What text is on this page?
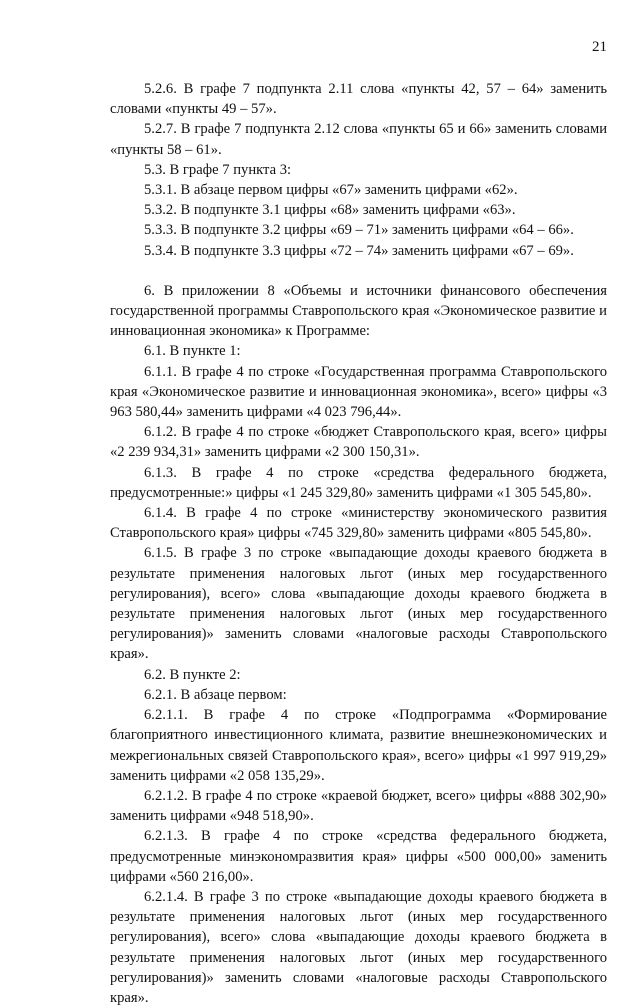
21

5.2.6. В графе 7 подпункта 2.11 слова «пункты 42, 57 – 64» заменить словами «пункты 49 – 57».

5.2.7. В графе 7 подпункта 2.12 слова «пункты 65 и 66» заменить словами «пункты 58 – 61».

5.3. В графе 7 пункта 3:

5.3.1. В абзаце первом цифры «67» заменить цифрами «62».

5.3.2. В подпункте 3.1 цифры «68» заменить цифрами «63».

5.3.3. В подпункте 3.2 цифры «69 – 71» заменить цифрами «64 – 66».

5.3.4. В подпункте 3.3 цифры «72 – 74» заменить цифрами «67 – 69».

6. В приложении 8 «Объемы и источники финансового обеспечения государственной программы Ставропольского края «Экономическое развитие и инновационная экономика» к Программе:

6.1. В пункте 1:

6.1.1. В графе 4 по строке «Государственная программа Ставропольского края «Экономическое развитие и инновационная экономика», всего» цифры «3 963 580,44» заменить цифрами «4 023 796,44».

6.1.2. В графе 4 по строке «бюджет Ставропольского края, всего» цифры «2 239 934,31» заменить цифрами «2 300 150,31».

6.1.3. В графе 4 по строке «средства федерального бюджета, предусмотренные:» цифры «1 245 329,80» заменить цифрами «1 305 545,80».

6.1.4. В графе 4 по строке «министерству экономического развития Ставропольского края» цифры «745 329,80» заменить цифрами «805 545,80».

6.1.5. В графе 3 по строке «выпадающие доходы краевого бюджета в результате применения налоговых льгот (иных мер государственного регулирования), всего» слова «выпадающие доходы краевого бюджета в результате применения налоговых льгот (иных мер государственного регулирования)» заменить словами «налоговые расходы Ставропольского края».

6.2. В пункте 2:

6.2.1. В абзаце первом:

6.2.1.1. В графе 4 по строке «Подпрограмма «Формирование благоприятного инвестиционного климата, развитие внешнеэкономических и межрегиональных связей Ставропольского края», всего» цифры «1 997 919,29» заменить цифрами «2 058 135,29».

6.2.1.2. В графе 4 по строке «краевой бюджет, всего» цифры «888 302,90» заменить цифрами «948 518,90».

6.2.1.3. В графе 4 по строке «средства федерального бюджета, предусмотренные минэкономразвития края» цифры «500 000,00» заменить цифрами «560 216,00».

6.2.1.4. В графе 3 по строке «выпадающие доходы краевого бюджета в результате применения налоговых льгот (иных мер государственного регулирования), всего» слова «выпадающие доходы краевого бюджета в результате применения налоговых льгот (иных мер государственного регулирования)» заменить словами «налоговые расходы Ставропольского края».
